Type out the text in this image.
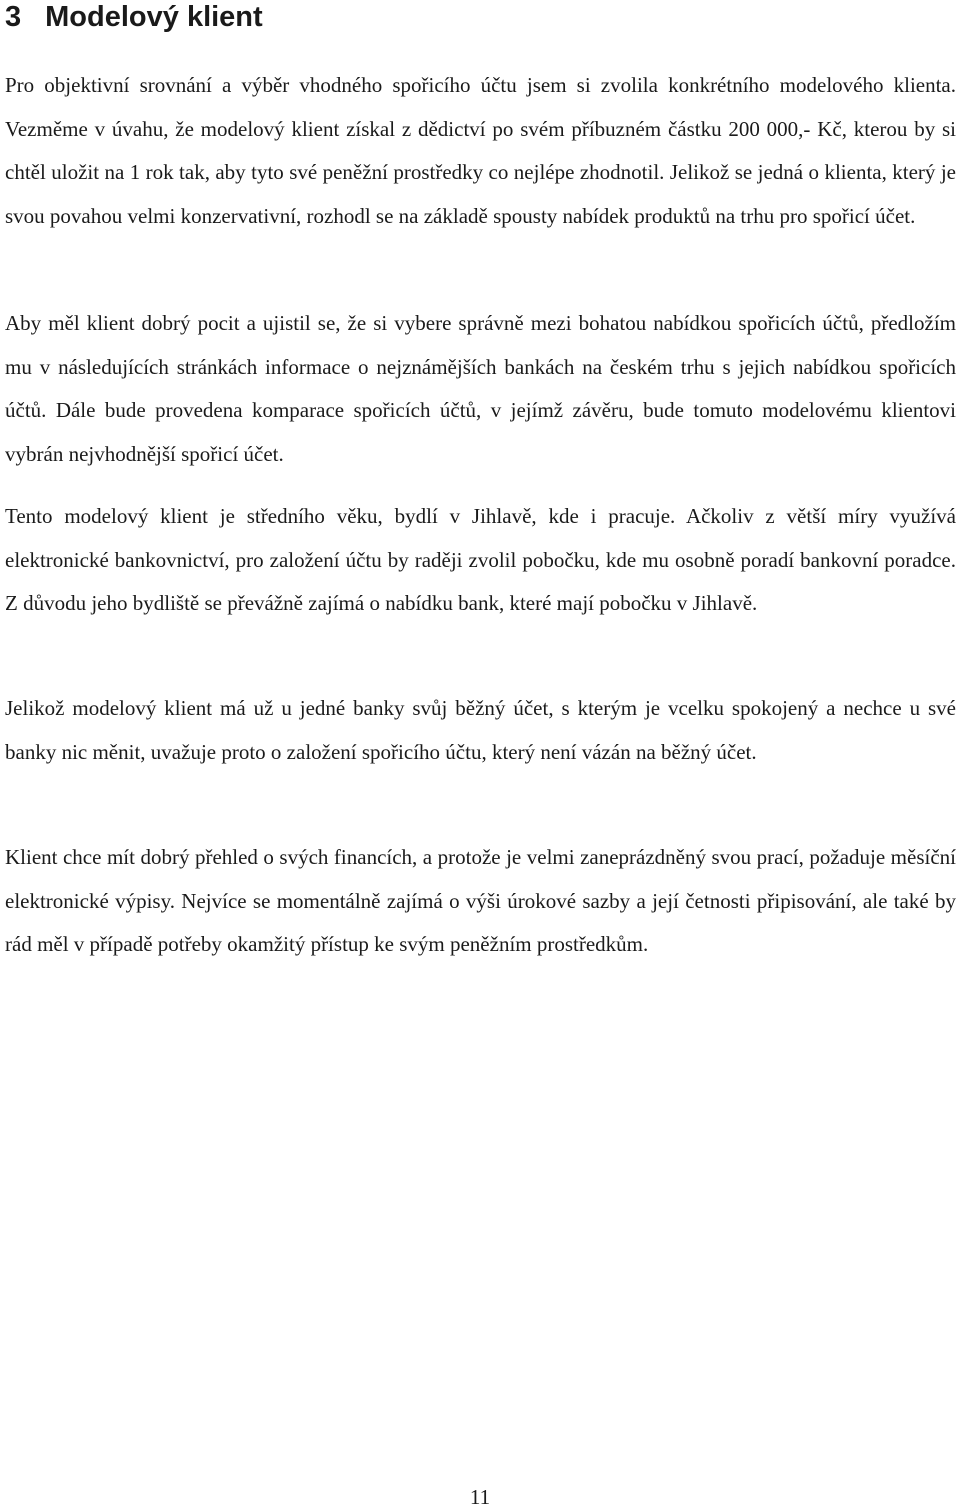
3 Modelový klient

Pro objektivní srovnání a výběr vhodného spořicího účtu jsem si zvolila konkrétního modelového klienta. Vezměme v úvahu, že modelový klient získal z dědictví po svém příbuzném částku 200 000,- Kč, kterou by si chtěl uložit na 1 rok tak, aby tyto své peněžní prostředky co nejlépe zhodnotil. Jelikož se jedná o klienta, který je svou povahou velmi konzervativní, rozhodl se na základě spousty nabídek produktů na trhu pro spořicí účet.

Aby měl klient dobrý pocit a ujistil se, že si vybere správně mezi bohatou nabídkou spořicích účtů, předložím mu v následujících stránkách informace o nejznámějších bankách na českém trhu s jejich nabídkou spořicích účtů. Dále bude provedena komparace spořicích účtů, v jejímž závěru, bude tomuto modelovému klientovi vybrán nejvhodnější spořicí účet.

Tento modelový klient je středního věku, bydlí v Jihlavě, kde i pracuje. Ačkoliv z větší míry využívá elektronické bankovnictví, pro založení účtu by raději zvolil pobočku, kde mu osobně poradí bankovní poradce. Z důvodu jeho bydliště se převážně zajímá o nabídku bank, které mají pobočku v Jihlavě.

Jelikož modelový klient má už u jedné banky svůj běžný účet, s kterým je vcelku spokojený a nechce u své banky nic měnit, uvažuje proto o založení spořicího účtu, který není vázán na běžný účet.

Klient chce mít dobrý přehled o svých financích, a protože je velmi zaneprázdněný svou prací, požaduje měsíční elektronické výpisy. Nejvíce se momentálně zajímá o výši úrokové sazby a její četnosti připisování, ale také by rád měl v případě potřeby okamžitý přístup ke svým peněžním prostředkům.

11
